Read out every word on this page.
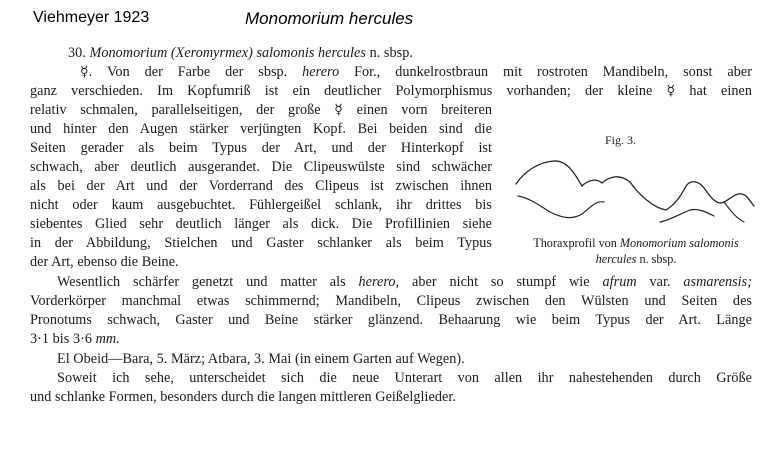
Viehmeyer 1923	Monomorium hercules
30. Monomorium (Xeromyrmex) salomonis hercules n. sbsp.
☿. Von der Farbe der sbsp. herero For., dunkelrostbraun mit rostroten Mandibeln, sonst aber
ganz verschieden. Im Kopfumriß ist ein deutlicher Polymorphismus vorhanden; der kleine ☿ hat einen
relativ schmalen, parallelseitigen, der große ☿ einen vorn breiteren
und hinter den Augen stärker verjüngten Kopf. Bei beiden sind die
Seiten gerader als beim Typus der Art, und der Hinterkopf ist
schwach, aber deutlich ausgerandet. Die Clipeuswülste sind schwächer
als bei der Art und der Vorderrand des Clipeus ist zwischen ihnen
nicht oder kaum ausgebuchtet. Fühlergeißel schlank, ihr drittes bis
siebentes Glied sehr deutlich länger als dick. Die Profillinien siehe
in der Abbildung, Stielchen und Gaster schlanker als beim Typus
der Art, ebenso die Beine.
Wesentlich schärfer genetzt und matter als herero, aber nicht so stumpf wie afrum var. asmarensis;
Vorderkörper manchmal etwas schimmernd; Mandibeln, Clipeus zwischen den Wülsten und Seiten des
Pronotums schwach, Gaster und Beine stärker glänzend. Behaarung wie beim Typus der Art. Länge
3·1 bis 3·6 mm.
El Obeid—Bara, 5. März; Atbara, 3. Mai (in einem Garten auf Wegen).
Soweit ich sehe, unterscheidet sich die neue Unterart von allen ihr nahestehenden durch Größe
und schlanke Formen, besonders durch die langen mittleren Geißelglieder.
Fig. 3.
Thoraxprofil von Monomorium salomonis
hercules n. sbsp.
